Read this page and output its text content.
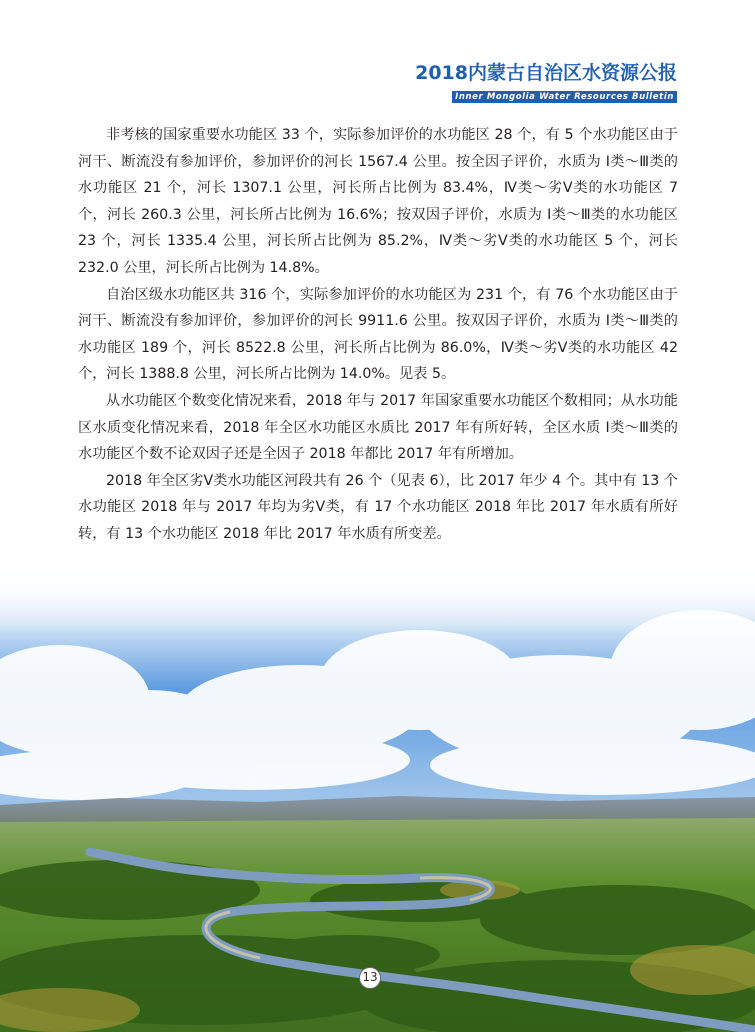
2018内蒙古自治区水资源公报
Inner Mongolia Water Resources Bulletin

非考核的国家重要水功能区 33 个，实际参加评价的水功能区 28 个，有 5 个水功能区由于河干、断流没有参加评价，参加评价的河长 1567.4 公里。按全因子评价，水质为 Ⅰ类～Ⅲ类的水功能区 21 个，河长 1307.1 公里，河长所占比例为 83.4%，Ⅳ类～劣Ⅴ类的水功能区 7 个，河长 260.3 公里，河长所占比例为 16.6%；按双因子评价，水质为 Ⅰ类～Ⅲ类的水功能区 23 个，河长 1335.4 公里，河长所占比例为 85.2%，Ⅳ类～劣Ⅴ类的水功能区 5 个，河长 232.0 公里，河长所占比例为 14.8%。

自治区级水功能区共 316 个，实际参加评价的水功能区为 231 个，有 76 个水功能区由于河干、断流没有参加评价，参加评价的河长 9911.6 公里。按双因子评价，水质为 Ⅰ类～Ⅲ类的水功能区 189 个，河长 8522.8 公里，河长所占比例为 86.0%，Ⅳ类～劣Ⅴ类的水功能区 42 个，河长 1388.8 公里，河长所占比例为 14.0%。见表 5。

从水功能区个数变化情况来看，2018 年与 2017 年国家重要水功能区个数相同；从水功能区水质变化情况来看，2018 年全区水功能区水质比 2017 年有所好转，全区水质 Ⅰ类～Ⅲ类的水功能区个数不论双因子还是全因子 2018 年都比 2017 年有所增加。

2018 年全区劣Ⅴ类水功能区河段共有 26 个（见表 6），比 2017 年少 4 个。其中有 13 个水功能区 2018 年与 2017 年均为劣Ⅴ类，有 17 个水功能区 2018 年比 2017 年水质有所好转，有 13 个水功能区 2018 年比 2017 年水质有所变差。

13
